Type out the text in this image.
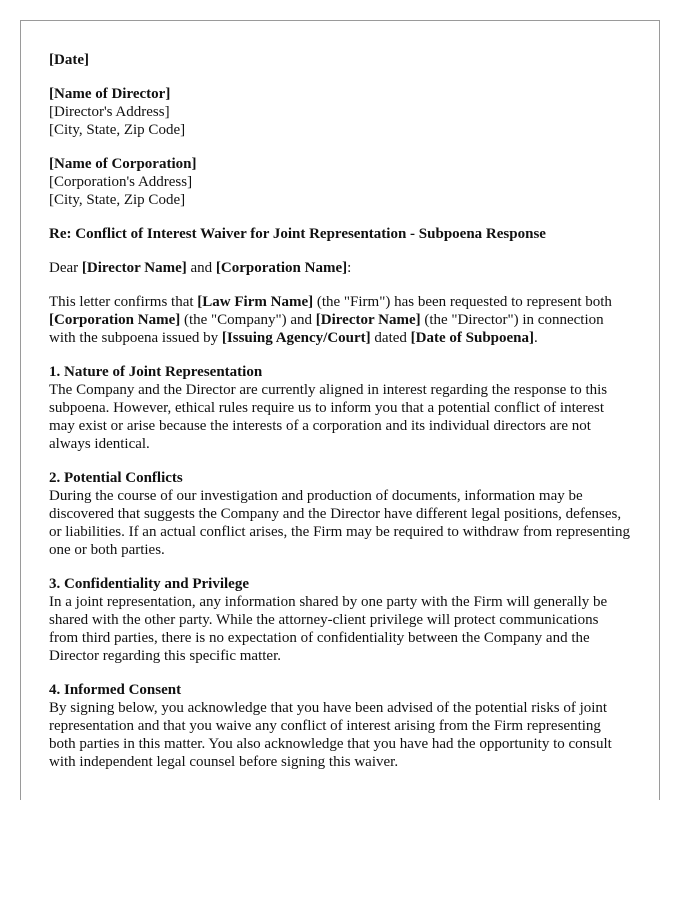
[Date]
[Name of Director]
[Director's Address]
[City, State, Zip Code]
[Name of Corporation]
[Corporation's Address]
[City, State, Zip Code]
Re: Conflict of Interest Waiver for Joint Representation - Subpoena Response
Dear [Director Name] and [Corporation Name]:

This letter confirms that [Law Firm Name] (the "Firm") has been requested to represent both [Corporation Name] (the "Company") and [Director Name] (the "Director") in connection with the subpoena issued by [Issuing Agency/Court] dated [Date of Subpoena].

1. Nature of Joint Representation

The Company and the Director are currently aligned in interest regarding the response to this subpoena. However, ethical rules require us to inform you that a potential conflict of interest may exist or arise because the interests of a corporation and its individual directors are not always identical.

2. Potential Conflicts

During the course of our investigation and production of documents, information may be discovered that suggests the Company and the Director have different legal positions, defenses, or liabilities. If an actual conflict arises, the Firm may be required to withdraw from representing one or both parties.

3. Confidentiality and Privilege

In a joint representation, any information shared by one party with the Firm will generally be shared with the other party. While the attorney-client privilege will protect communications from third parties, there is no expectation of confidentiality between the Company and the Director regarding this specific matter.

4. Informed Consent

By signing below, you acknowledge that you have been advised of the potential risks of joint representation and that you waive any conflict of interest arising from the Firm representing both parties in this matter. You also acknowledge that you have had the opportunity to consult with independent legal counsel before signing this waiver.
